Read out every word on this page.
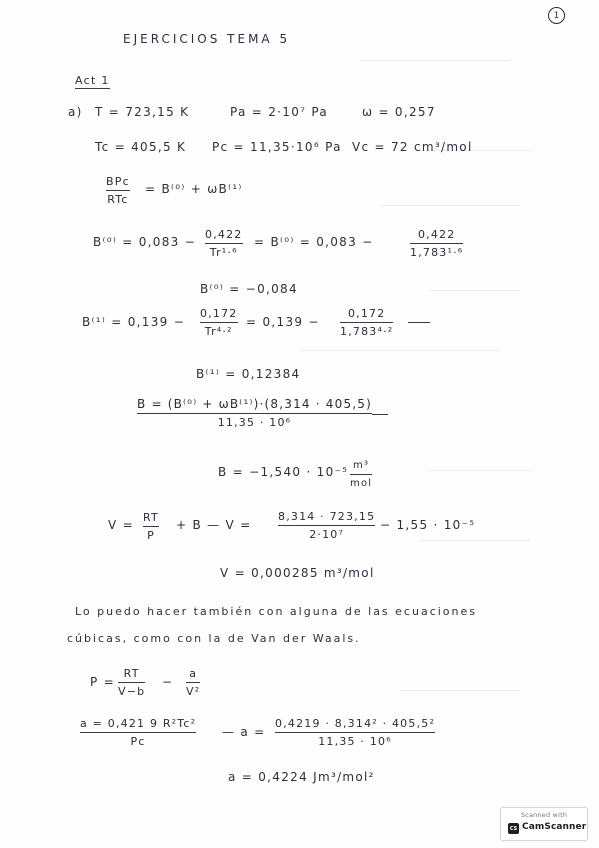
1
EJERCICIOS TEMA 5
Act 1
a) T = 723,15 K	Pa = 2·10⁷ Pa	ω = 0,257
Tc = 405,5 K Pc = 11,35·10⁶ Pa Vc = 72 cm³/mol
BPc
RTc
= B⁽⁰⁾ + ωB⁽¹⁾
B⁽⁰⁾ = 0,083 −
0,422
Tr¹·⁶
= B⁽⁰⁾ = 0,083 −
0,422
1,783¹·⁶
B⁽⁰⁾ = −0,084
B⁽¹⁾ = 0,139 −
0,172
Tr⁴·²
= 0,139 −
0,172
1,783⁴·²
B⁽¹⁾ = 0,12384
B = (B⁽⁰⁾ + ωB⁽¹⁾)·(8,314 · 405,5)
11,35 · 10⁶
B = −1,540 · 10⁻⁵ m³
mol
V =
RT
P
+ B — V =
8,314 · 723,15
2·10⁷
− 1,55 · 10⁻⁵
V = 0,000285 m³/mol
Lo puedo hacer también con alguna de las ecuaciones
cúbicas, como con la de Van der Waals.
P =
RT
V−b
−
a
V²
a = 0,421 9 R²Tc²
Pc
— a =
0,4219 · 8,314² · 405,5²
11,35 · 10⁶
a = 0,4224 Jm³/mol²
Scanned with
CS CamScanner
